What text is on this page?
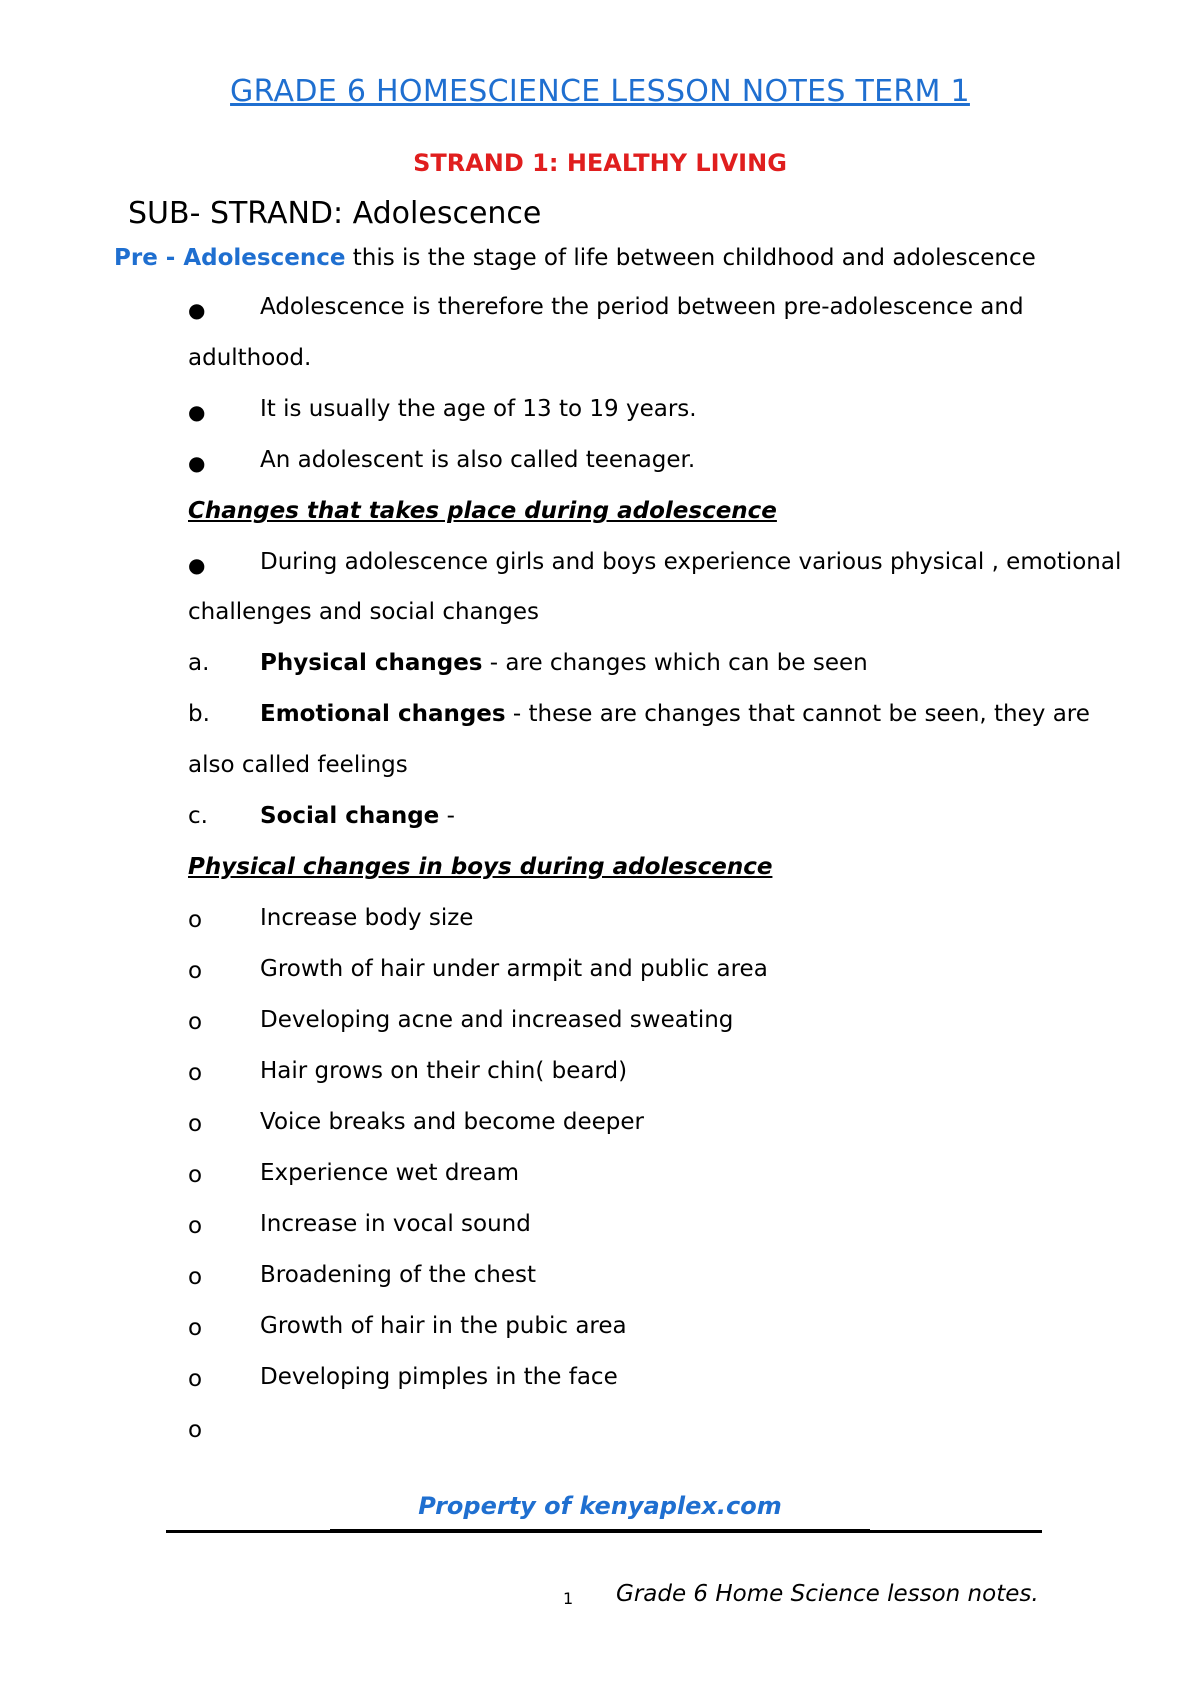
GRADE 6 HOMESCIENCE LESSON NOTES TERM 1
STRAND 1: HEALTHY LIVING
SUB- STRAND: Adolescence
Pre - Adolescence this is the stage of life between childhood and adolescence
● Adolescence is therefore the period between pre-adolescence and
adulthood.
● It is usually the age of 13 to 19 years.
● An adolescent is also called teenager.
Changes that takes place during adolescence
● During adolescence girls and boys experience various physical , emotional
challenges and social changes
a. Physical changes - are changes which can be seen
b. Emotional changes - these are changes that cannot be seen, they are
also called feelings
c. Social change -
Physical changes in boys during adolescence
o	Increase body size
o	Growth of hair under armpit and public area
o	Developing acne and increased sweating
o	Hair grows on their chin( beard)
o	Voice breaks and become deeper
o	Experience wet dream
o	Increase in vocal sound
o	Broadening of the chest
o	Growth of hair in the pubic area
o	Developing pimples in the face
o
Property of kenyaplex.com
1 Grade 6 Home Science lesson notes.
